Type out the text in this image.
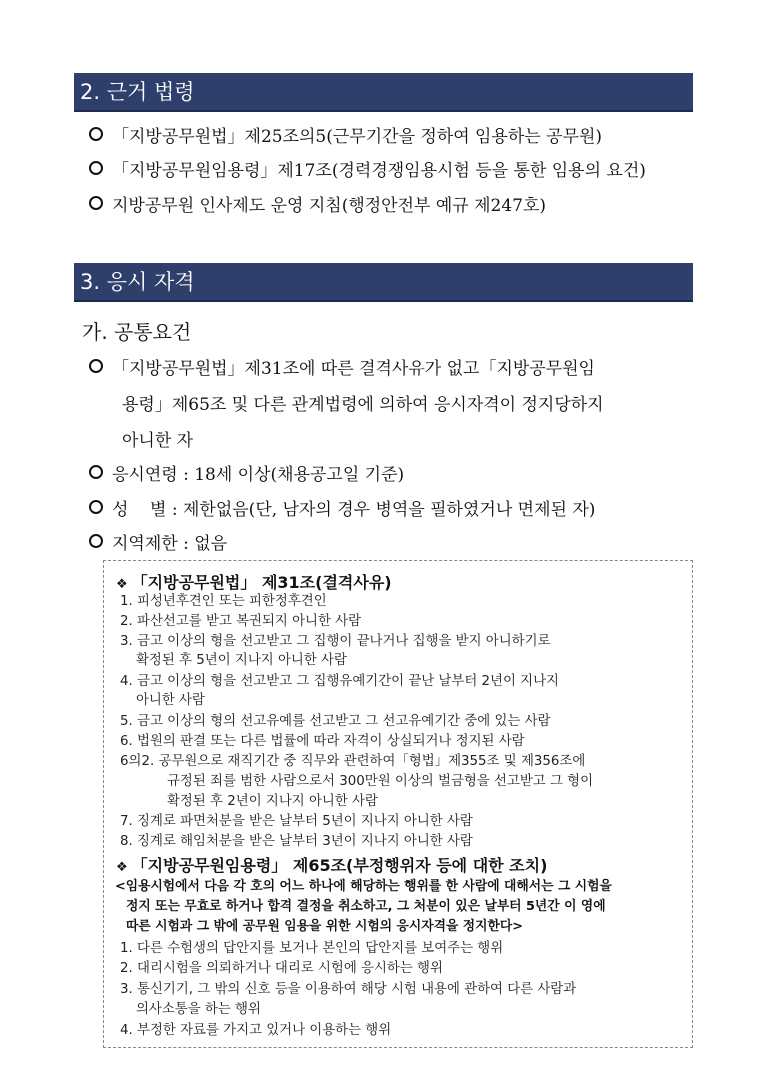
2. 근거 법령
「지방공무원법」제25조의5(근무기간을 정하여 임용하는 공무원)
「지방공무원임용령」제17조(경력경쟁임용시험 등을 통한 임용의 요건)
지방공무원 인사제도 운영 지침(행정안전부 예규 제247호)
3. 응시 자격
가. 공통요건
「지방공무원법」제31조에 따른 결격사유가 없고「지방공무원임
용령」제65조 및 다른 관계법령에 의하여 응시자격이 정지당하지
아니한 자
응시연령 : 18세 이상(채용공고일 기준)
성    별 : 제한없음(단, 남자의 경우 병역을 필하였거나 면제된 자)
지역제한 : 없음
❖ 「지방공무원법」 제31조(결격사유)
1. 피성년후견인 또는 피한정후견인
2. 파산선고를 받고 복권되지 아니한 사람
3. 금고 이상의 형을 선고받고 그 집행이 끝나거나 집행을 받지 아니하기로
확정된 후 5년이 지나지 아니한 사람
4. 금고 이상의 형을 선고받고 그 집행유예기간이 끝난 날부터 2년이 지나지
아니한 사람
5. 금고 이상의 형의 선고유예를 선고받고 그 선고유예기간 중에 있는 사람
6. 법원의 판결 또는 다른 법률에 따라 자격이 상실되거나 정지된 사람
6의2. 공무원으로 재직기간 중 직무와 관련하여「형법」제355조 및 제356조에
규정된 죄를 범한 사람으로서 300만원 이상의 벌금형을 선고받고 그 형이
확정된 후 2년이 지나지 아니한 사람
7. 징계로 파면처분을 받은 날부터 5년이 지나지 아니한 사람
8. 징계로 해임처분을 받은 날부터 3년이 지나지 아니한 사람
❖ 「지방공무원임용령」 제65조(부정행위자 등에 대한 조치)
<임용시험에서 다음 각 호의 어느 하나에 해당하는 행위를 한 사람에 대해서는 그 시험을
정지 또는 무효로 하거나 합격 결정을 취소하고, 그 처분이 있은 날부터 5년간 이 영에
따른 시험과 그 밖에 공무원 임용을 위한 시험의 응시자격을 정지한다>
1. 다른 수험생의 답안지를 보거나 본인의 답안지를 보여주는 행위
2. 대리시험을 의뢰하거나 대리로 시험에 응시하는 행위
3. 통신기기, 그 밖의 신호 등을 이용하여 해당 시험 내용에 관하여 다른 사람과
의사소통을 하는 행위
4. 부정한 자료를 가지고 있거나 이용하는 행위
